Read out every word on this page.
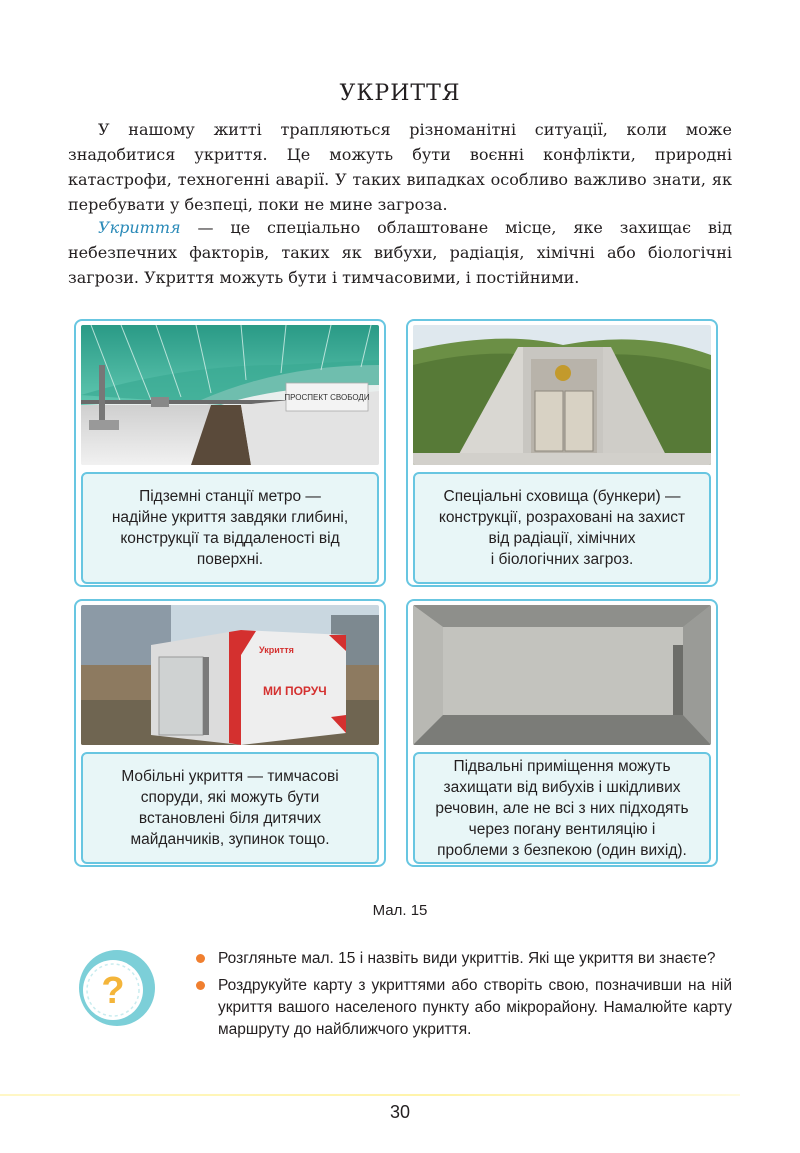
УКРИТТЯ

У нашому житті трапляються різноманітні ситуації, коли може знадобитися укриття. Це можуть бути воєнні конфлікти, природні катастрофи, техногенні аварії. У таких випадках особливо важливо знати, як перебувати у безпеці, поки не мине загроза.

Укриття — це спеціально облаштоване місце, яке захищає від небезпечних факторів, таких як вибухи, радіація, хімічні або біологічні загрози. Укриття можуть бути і тимчасовими, і постійними.

ПРОСПЕКТ СВОБОДИ
Підземні станції метро —
надійне укриття завдяки глибині,
конструкції та віддаленості від
поверхні.
Спеціальні сховища (бункери) —
конструкції, розраховані на захист
від радіації, хімічних
і біологічних загроз.
Укриття
МИ ПОРУЧ
Мобільні укриття — тимчасові
споруди, які можуть бути
встановлені біля дитячих
майданчиків, зупинок тощо.
Підвальні приміщення можуть
захищати від вибухів і шкідливих
речовин, але не всі з них підходять
через погану вентиляцію і
проблеми з безпекою (один вихід).
Мал. 15
?
Розгляньте мал. 15 і назвіть види укриттів. Які ще укриття ви знаєте?
Роздрукуйте карту з укриттями або створіть свою, позначивши на ній укриття вашого населеного пункту або мікрорайону. Намалюйте карту маршруту до найближчого укриття.
30
